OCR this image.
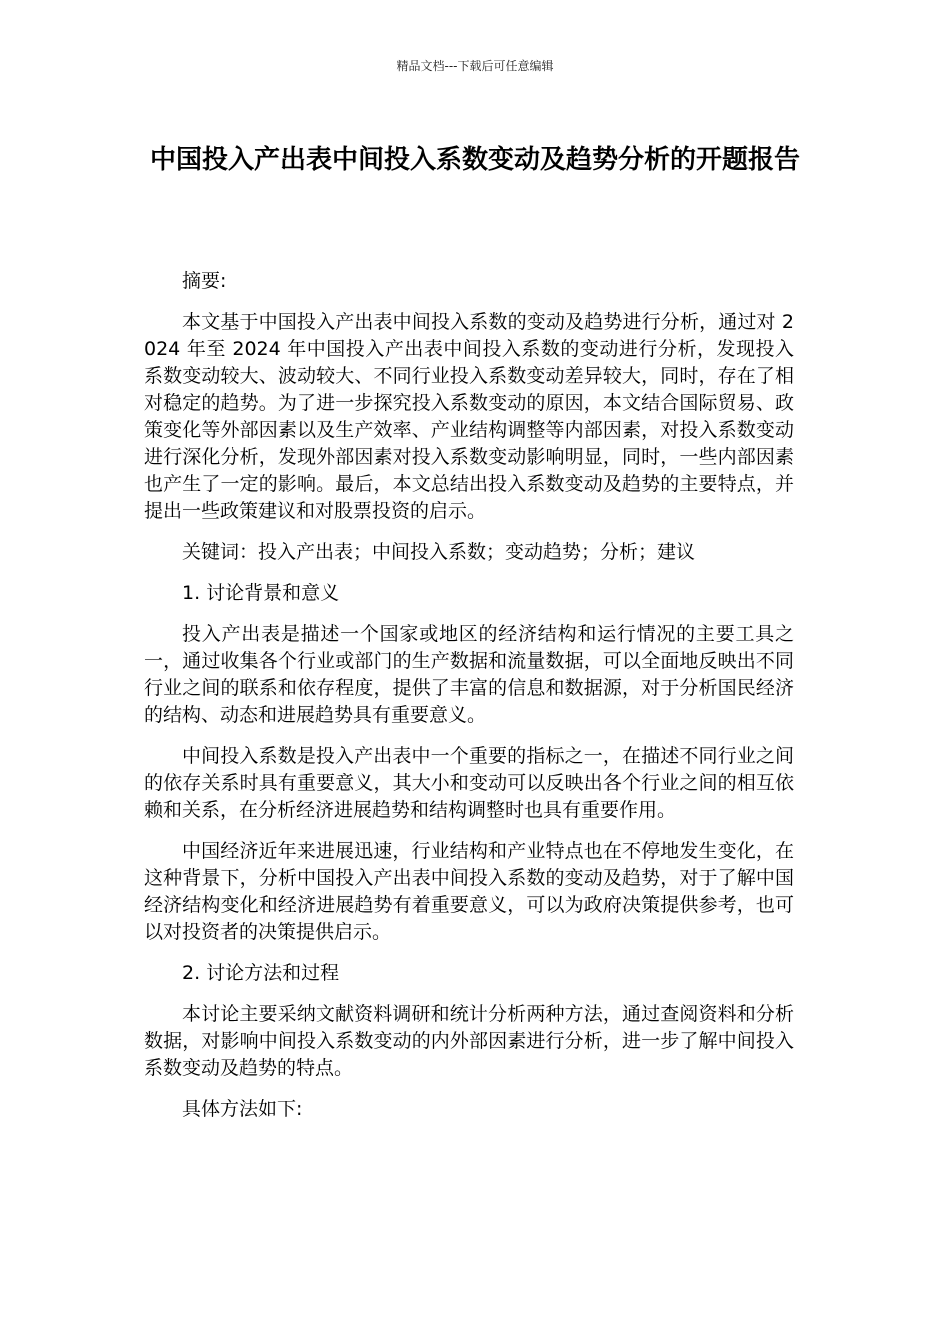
精品文档---下载后可任意编辑
中国投入产出表中间投入系数变动及趋势分析的开题报告

摘要:

本文基于中国投入产出表中间投入系数的变动及趋势进行分析，通过对 2024 年至 2024 年中国投入产出表中间投入系数的变动进行分析，发现投入系数变动较大、波动较大、不同行业投入系数变动差异较大，同时，存在了相对稳定的趋势。为了进一步探究投入系数变动的原因，本文结合国际贸易、政策变化等外部因素以及生产效率、产业结构调整等内部因素，对投入系数变动进行深化分析，发现外部因素对投入系数变动影响明显，同时，一些内部因素也产生了一定的影响。最后，本文总结出投入系数变动及趋势的主要特点，并提出一些政策建议和对股票投资的启示。

关键词：投入产出表；中间投入系数；变动趋势；分析；建议

1. 讨论背景和意义

投入产出表是描述一个国家或地区的经济结构和运行情况的主要工具之一，通过收集各个行业或部门的生产数据和流量数据，可以全面地反映出不同行业之间的联系和依存程度，提供了丰富的信息和数据源，对于分析国民经济的结构、动态和进展趋势具有重要意义。

中间投入系数是投入产出表中一个重要的指标之一，在描述不同行业之间的依存关系时具有重要意义，其大小和变动可以反映出各个行业之间的相互依赖和关系，在分析经济进展趋势和结构调整时也具有重要作用。

中国经济近年来进展迅速，行业结构和产业特点也在不停地发生变化，在这种背景下，分析中国投入产出表中间投入系数的变动及趋势，对于了解中国经济结构变化和经济进展趋势有着重要意义，可以为政府决策提供参考，也可以对投资者的决策提供启示。

2. 讨论方法和过程

本讨论主要采纳文献资料调研和统计分析两种方法，通过查阅资料和分析数据，对影响中间投入系数变动的内外部因素进行分析，进一步了解中间投入系数变动及趋势的特点。

具体方法如下:
